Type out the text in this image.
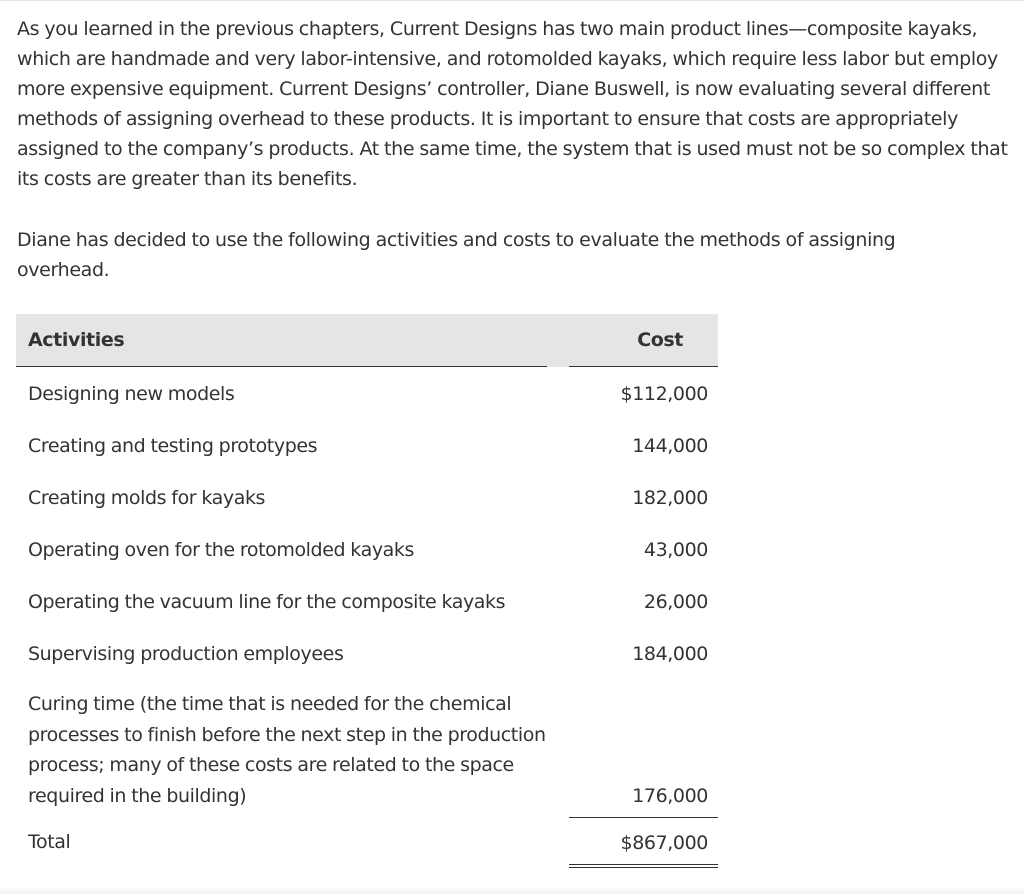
As you learned in the previous chapters, Current Designs has two main product lines—composite kayaks, which are handmade and very labor-intensive, and rotomolded kayaks, which require less labor but employ more expensive equipment. Current Designs’ controller, Diane Buswell, is now evaluating several different methods of assigning overhead to these products. It is important to ensure that costs are appropriately assigned to the company’s products. At the same time, the system that is used must not be so complex that its costs are greater than its benefits.

Diane has decided to use the following activities and costs to evaluate the methods of assigning overhead.

Activities		Cost
Designing new models		$112,000
Creating and testing prototypes		144,000
Creating molds for kayaks		182,000
Operating oven for the rotomolded kayaks		43,000
Operating the vacuum line for the composite kayaks		26,000
Supervising production employees		184,000
Curing time (the time that is needed for the chemical processes to finish before the next step in the production process; many of these costs are related to the space required in the building)		176,000
Total		$867,000
